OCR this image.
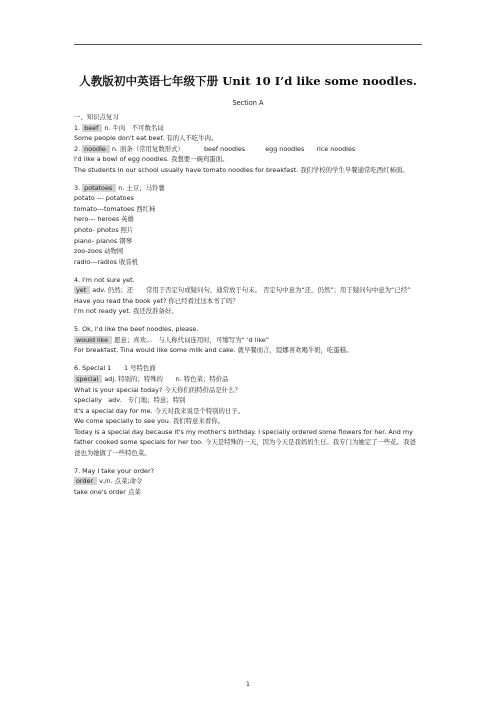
人教版初中英语七年级下册 Unit 10 I’d like some noodles.
Section A
一、知识点复习
1. beef n. 牛肉　不可数名词
Some people don't eat beef. 有的人不吃牛肉。
2. noodle n. 面条（常用复数形式）	beef noodles	egg noodles rice noodles
I'd like a bowl of egg noodles. 我想要一碗鸡蛋面。
The students in our school usually have tomato noodles for breakfast. 我们学校的学生早餐通常吃西红柿面。
3. potatoes n. 土豆；马铃薯
potato --- potatoes
tomato---tomatoes 西红柿
hero--- heroes 英雄
photo- photos 照片
piano- pianos 钢琴
zoo-zoos 动物园
radio---radios 收音机
4. I'm not sure yet.
yet adv. 仍然；还　　常用于否定句或疑问句，通常放于句末。 否定句中意为“还，仍然”；用于疑问句中意为“已经”
Have you read the book yet? 你已经看过这本书了吗？
I'm not ready yet. 我还没准备好。
5. Ok, I'd like the beef noodles, please.
would like 愿意；喜欢...　与人称代词连用时，可缩写为“ 'd like”
For breakfast, Tina would like some milk and cake. 就早餐而言，缇娜喜欢喝牛奶，吃蛋糕。
6. Special 1　　1 号特色面
special adj. 特别的；特殊的　　n. 特色菜；特价品
What is your special today? 今天你们的特价品是什么？
specially　adv.　专门地；特意；特别
It's a special day for me. 今天对我来说是个特别的日子。
We come specially to see you. 我们特意来看你。
Today is a special day because it's my mother's birthday. I specially ordered some flowers for her. And my father cooked some specials for her too. 今天是特殊的一天，因为今天是我妈妈生日。我专门为她定了一些花。我爸爸也为她做了一些特色菜。
7. May I take your order?
order v./n. 点菜;命令
take one's order 点菜
1
